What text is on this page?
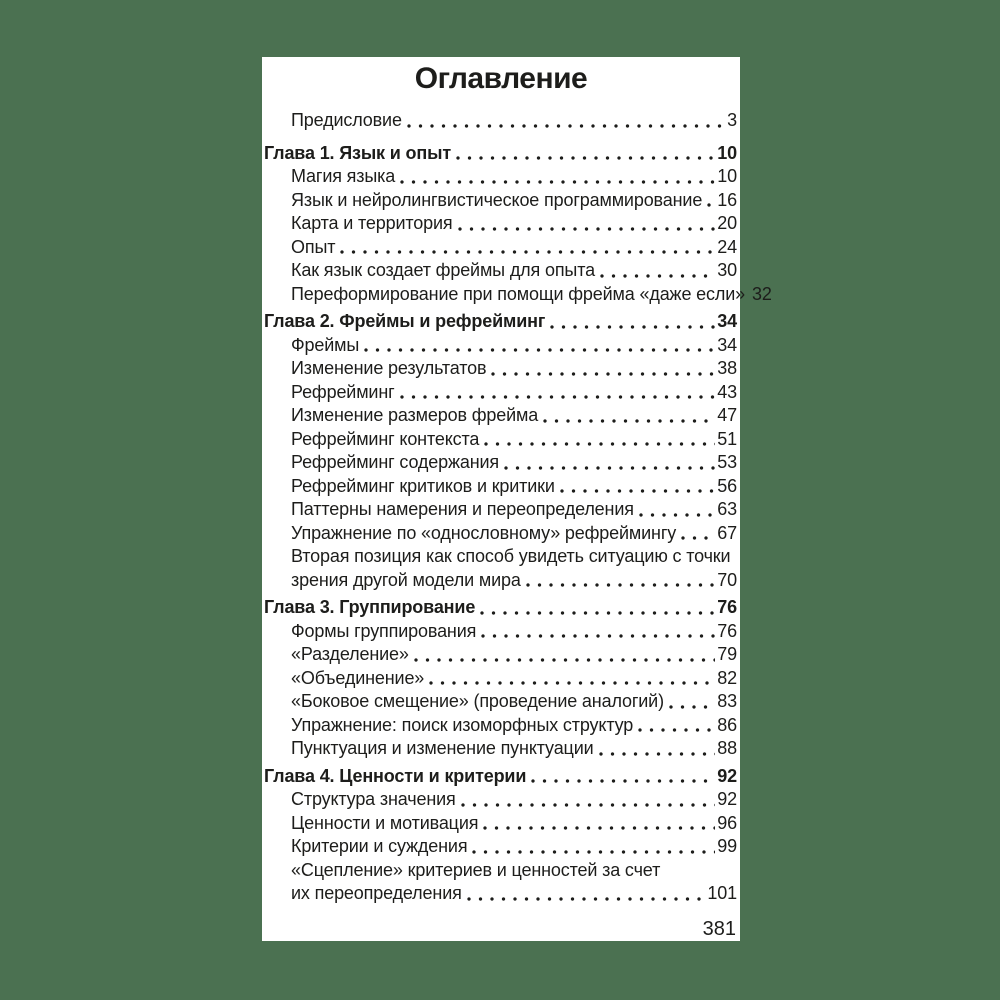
Оглавление
Предисловие	3
Глава 1. Язык и опыт	10
Магия языка	10
Язык и нейролингвистическое программирование 16
Карта и территория	20
Опыт	24
Как язык создает фреймы для опыта	30
Переформирование при помощи фрейма «даже если» 32
Глава 2. Фреймы и рефрейминг	34
Фреймы	34
Изменение результатов	38
Рефрейминг	43
Изменение размеров фрейма	47
Рефрейминг контекста	51
Рефрейминг содержания	53
Рефрейминг критиков и критики	56
Паттерны намерения и переопределения	63
Упражнение по «однословному» рефреймингу 67
Вторая позиция как способ увидеть ситуацию с точки
зрения другой модели мира	70
Глава 3. Группирование	76
Формы группирования	76
«Разделение»	79
«Объединение»	82
«Боковое смещение» (проведение аналогий)	83
Упражнение: поиск изоморфных структур	86
Пунктуация и изменение пунктуации	88
Глава 4. Ценности и критерии	92
Структура значения	92
Ценности и мотивация	96
Критерии и суждения	99
«Сцепление» критериев и ценностей за счет
их переопределения	101
381
